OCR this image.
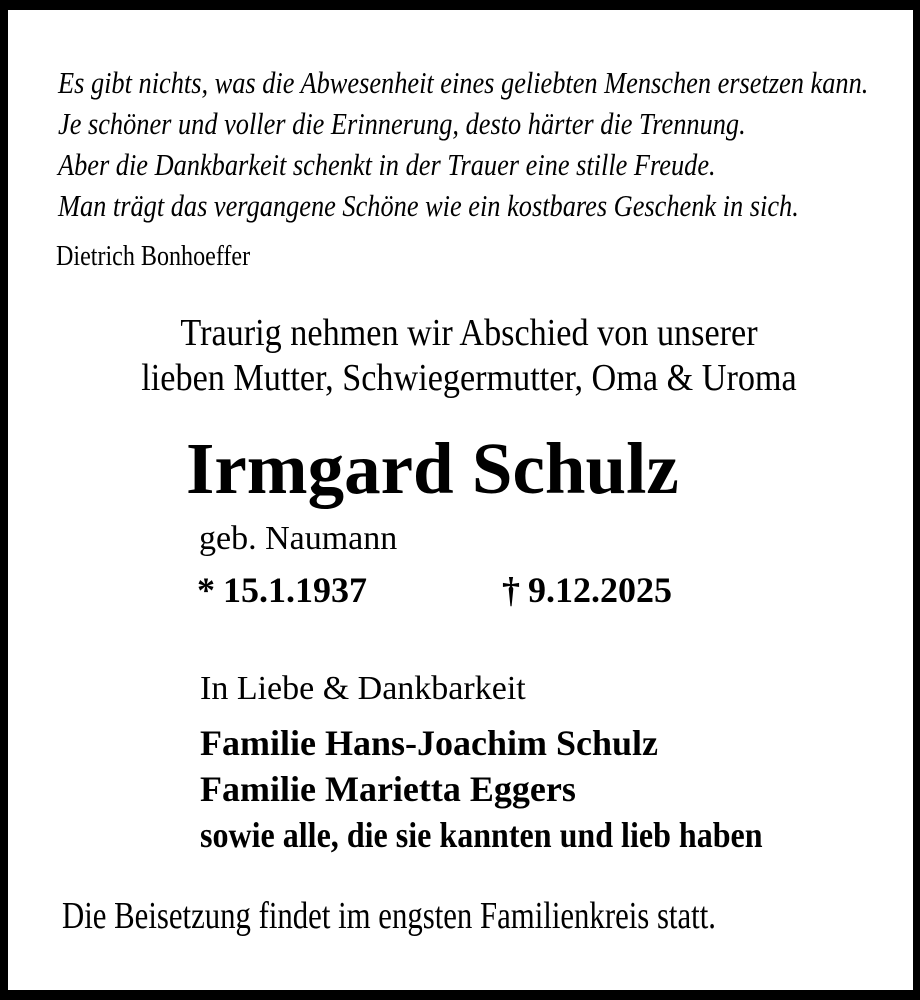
Es gibt nichts, was die Abwesenheit eines geliebten Menschen ersetzen kann.
Je schöner und voller die Erinnerung, desto härter die Trennung.
Aber die Dankbarkeit schenkt in der Trauer eine stille Freude.
Man trägt das vergangene Schöne wie ein kostbares Geschenk in sich.
Dietrich Bonhoeffer
Traurig nehmen wir Abschied von unserer
lieben Mutter, Schwiegermutter, Oma & Uroma
Irmgard Schulz
geb. Naumann
* 15.1.1937	† 9.12.2025
In Liebe & Dankbarkeit
Familie Hans-Joachim Schulz
Familie Marietta Eggers
sowie alle, die sie kannten und lieb haben
Die Beisetzung findet im engsten Familienkreis statt.
